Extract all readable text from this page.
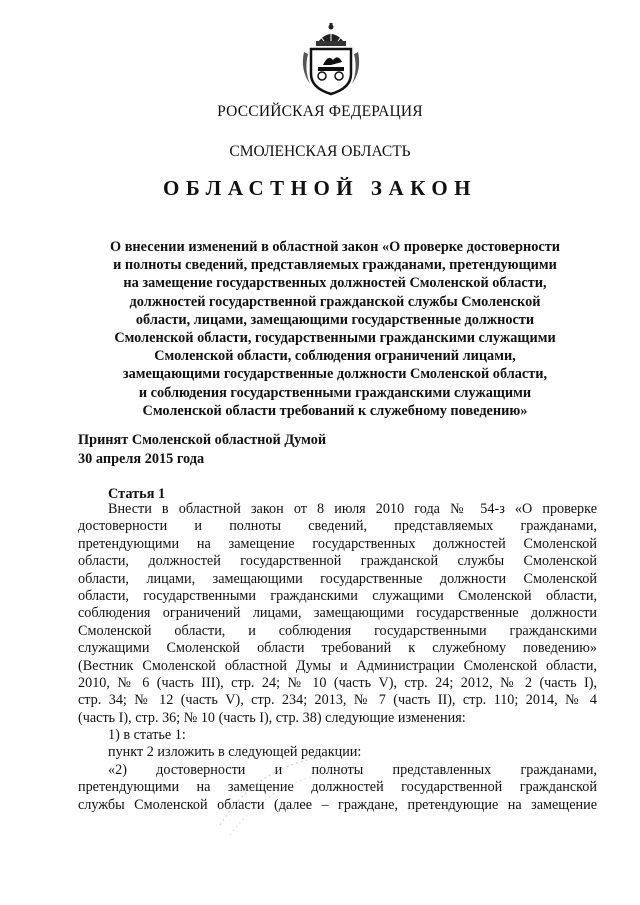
РОССИЙСКАЯ ФЕДЕРАЦИЯ
СМОЛЕНСКАЯ ОБЛАСТЬ
ОБЛАСТНОЙ ЗАКОН
О внесении изменений в областной закон «О проверке достоверности
и полноты сведений, представляемых гражданами, претендующими
на замещение государственных должностей Смоленской области,
должностей государственной гражданской службы Смоленской
области, лицами, замещающими государственные должности
Смоленской области, государственными гражданскими служащими
Смоленской области, соблюдения ограничений лицами,
замещающими государственные должности Смоленской области,
и соблюдения государственными гражданскими служащими
Смоленской области требований к служебному поведению»
Принят Смоленской областной Думой
30 апреля 2015 года
Статья 1
Внести в областной закон от 8 июля 2010 года № 54-з «О проверке
достоверности и полноты сведений, представляемых гражданами,
претендующими на замещение государственных должностей Смоленской
области, должностей государственной гражданской службы Смоленской
области, лицами, замещающими государственные должности Смоленской
области, государственными гражданскими служащими Смоленской области,
соблюдения ограничений лицами, замещающими государственные должности
Смоленской области, и соблюдения государственными гражданскими
служащими Смоленской области требований к служебному поведению»
(Вестник Смоленской областной Думы и Администрации Смоленской области,
2010, № 6 (часть III), стр. 24; № 10 (часть V), стр. 24; 2012, № 2 (часть I),
стр. 34; № 12 (часть V), стр. 234; 2013, № 7 (часть II), стр. 110; 2014, № 4
(часть I), стр. 36; № 10 (часть I), стр. 38) следующие изменения:
1) в статье 1:
пункт 2 изложить в следующей редакции:
«2) достоверности и полноты представленных гражданами,
претендующими на замещение должностей государственной гражданской
службы Смоленской области (далее – граждане, претендующие на замещение
